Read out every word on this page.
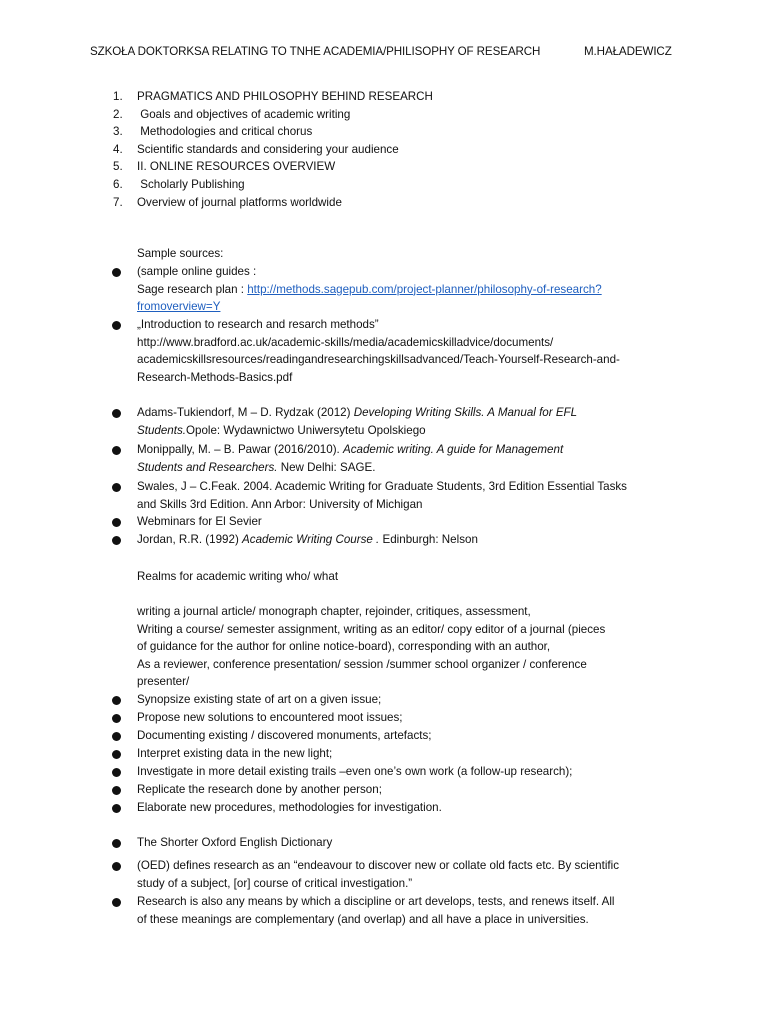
SZKOŁA DOKTORKSA RELATING TO TNHE ACADEMIA/PHILISOPHY OF RESEARCH	M.HAŁADEWICZ
1. PRAGMATICS AND PHILOSOPHY BEHIND RESEARCH
2. Goals and objectives of academic writing
3. Methodologies and critical chorus
4. Scientific standards and considering your audience
5. II. ONLINE RESOURCES OVERVIEW
6. Scholarly Publishing
7. Overview of journal platforms worldwide
Sample sources:
(sample online guides :
Sage research plan : http://methods.sagepub.com/project-planner/philosophy-of-research?
fromoverview=Y
„Introduction to research and resarch methods”
http://www.bradford.ac.uk/academic-skills/media/academicskilladvice/documents/
academicskillsresources/readingandresearchingskillsadvanced/Teach-Yourself-Research-and-
Research-Methods-Basics.pdf
Adams-Tukiendorf, M – D. Rydzak (2012) Developing Writing Skills. A Manual for EFL
Students.Opole: Wydawnictwo Uniwersytetu Opolskiego
Monippally, M. – B. Pawar (2016/2010). Academic writing. A guide for Management
Students and Researchers. New Delhi: SAGE.
Swales, J – C.Feak. 2004. Academic Writing for Graduate Students, 3rd Edition Essential Tasks
and Skills 3rd Edition. Ann Arbor: University of Michigan
Webminars for El Sevier
Jordan, R.R. (1992) Academic Writing Course . Edinburgh: Nelson
Realms for academic writing who/ what
writing a journal article/ monograph chapter, rejoinder, critiques, assessment,
Writing a course/ semester assignment, writing as an editor/ copy editor of a journal (pieces
of guidance for the author for online notice-board), corresponding with an author,
As a reviewer, conference presentation/ session /summer school organizer / conference
presenter/
Synopsize existing state of art on a given issue;
Propose new solutions to encountered moot issues;
Documenting existing / discovered monuments, artefacts;
Interpret existing data in the new light;
Investigate in more detail existing trails –even one’s own work (a follow-up research);
Replicate the research done by another person;
Elaborate new procedures, methodologies for investigation.
The Shorter Oxford English Dictionary
(OED) defines research as an “endeavour to discover new or collate old facts etc. By scientific
study of a subject, [or] course of critical investigation.”
Research is also any means by which a discipline or art develops, tests, and renews itself. All
of these meanings are complementary (and overlap) and all have a place in universities.
